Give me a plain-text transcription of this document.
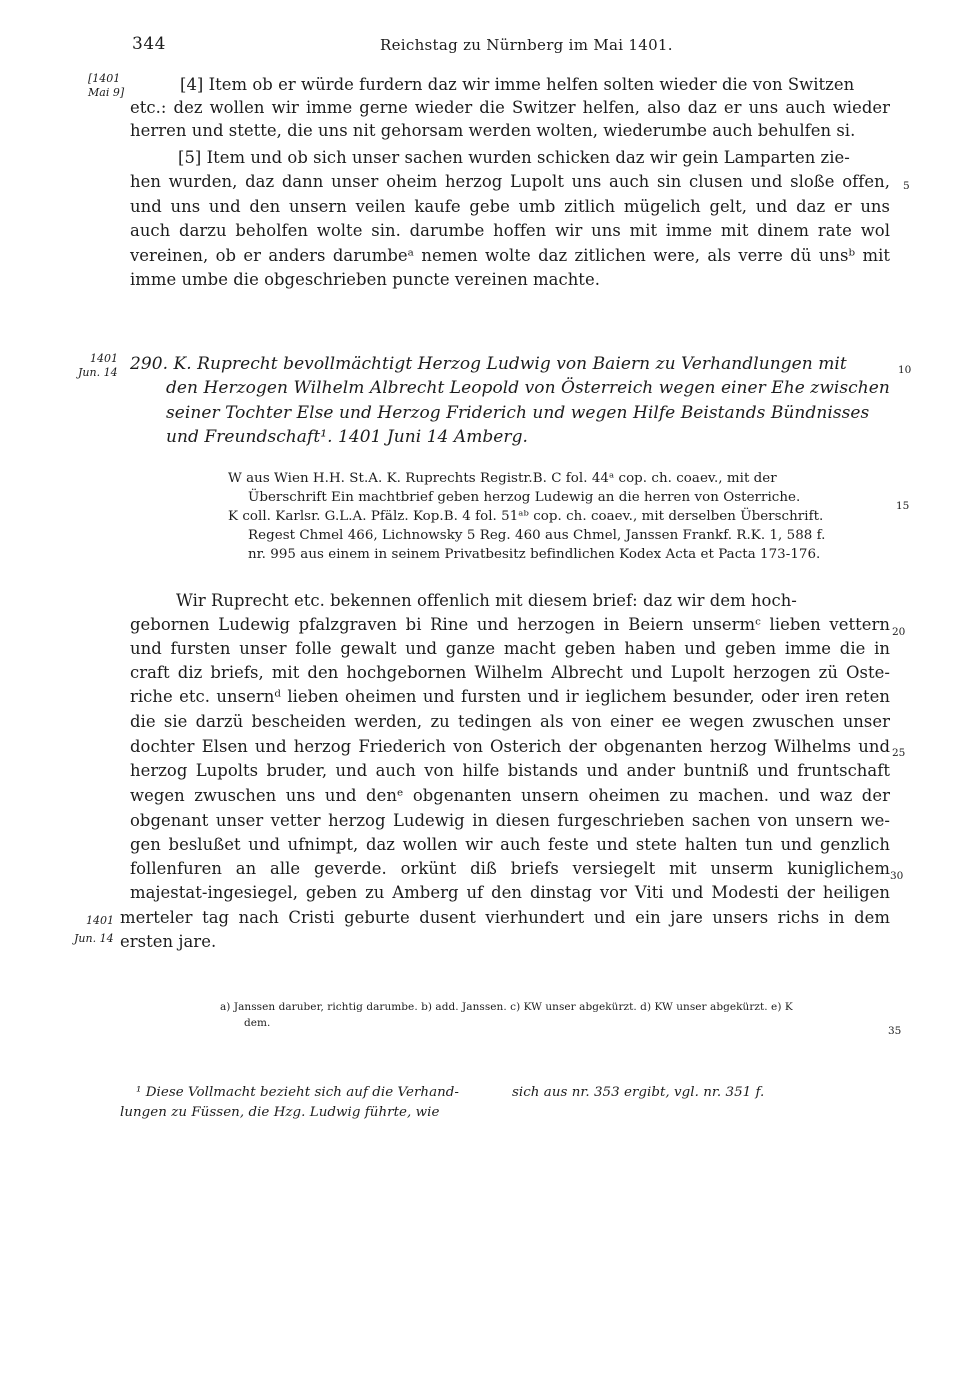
344	Reichstag zu Nürnberg im Mai 1401.
[1401
Mai 9]	[4] Item ob er würde furdern daz wir imme helfen solten wieder die von Switzen
etc.: dez wollen wir imme gerne wieder die Switzer helfen, also daz er uns auch wieder
herren und stette, die uns nit gehorsam werden wolten, wiederumbe auch behulfen si.
[5] Item und ob sich unser sachen wurden schicken daz wir gein Lamparten zie-
hen wurden, daz dann unser oheim herzog Lupolt uns auch sin clusen und sloße offen,
und uns und den unsern veilen kaufe gebe umb zitlich mügelich gelt, und daz er uns
auch darzu beholfen wolte sin. darumbe hoffen wir uns mit imme mit dinem rate wol
vereinen, ob er anders darumbeᵃ nemen wolte daz zitlichen were, als verre dü unsᵇ mit
imme umbe die obgeschrieben puncte vereinen machte.
1401
Jun. 14 290. K. Ruprecht bevollmächtigt Herzog Ludwig von Baiern zu Verhandlungen mit
den Herzogen Wilhelm Albrecht Leopold von Österreich wegen einer Ehe zwischen
seiner Tochter Else und Herzog Friderich und wegen Hilfe Beistands Bündnisses
und Freundschaft¹. 1401 Juni 14 Amberg.
W aus Wien H.H. St.A. K. Ruprechts Registr.B. C fol. 44ᵃ cop. ch. coaev., mit der
Überschrift Ein machtbrief geben herzog Ludewig an die herren von Osterriche.
K coll. Karlsr. G.L.A. Pfälz. Kop.B. 4 fol. 51ᵃᵇ cop. ch. coaev., mit derselben Überschrift.
Regest Chmel 466, Lichnowsky 5 Reg. 460 aus Chmel, Janssen Frankf. R.K. 1, 588 f.
nr. 995 aus einem in seinem Privatbesitz befindlichen Kodex Acta et Pacta 173-176.
Wir Ruprecht etc. bekennen offenlich mit diesem brief: daz wir dem hoch-
gebornen Ludewig pfalzgraven bi Rine und herzogen in Beiern unsermᶜ lieben vettern
und fursten unser folle gewalt und ganze macht geben haben und geben imme die in
craft diz briefs, mit den hochgebornen Wilhelm Albrecht und Lupolt herzogen zü Oste-
riche etc. unsernᵈ lieben oheimen und fursten und ir ieglichem besunder, oder iren reten
die sie darzü bescheiden werden, zu tedingen als von einer ee wegen zwuschen unser
dochter Elsen und herzog Friederich von Osterich der obgenanten herzog Wilhelms und
herzog Lupolts bruder, und auch von hilfe bistands und ander buntniß und fruntschaft
wegen zwuschen uns und denᵉ obgenanten unsern oheimen zu machen. und waz der
obgenant unser vetter herzog Ludewig in diesen furgeschrieben sachen von unsern we-
gen beslußet und ufnimpt, daz wollen wir auch feste und stete halten tun und genzlich
follenfuren an alle geverde. orkünt diß briefs versiegelt mit unserm kuniglichem
majestat-ingesiegel, geben zu Amberg uf den dinstag vor Viti und Modesti der heiligen
merteler tag nach Cristi geburte dusent vierhundert und ein jare unsers richs in dem
ersten jare.
1401
Jun. 14
5
10
15
20
25
30
35
a) Janssen daruber, richtig darumbe. b) add. Janssen. c) KW unser abgekürzt. d) KW unser abgekürzt. e) K
dem.
¹ Diese Vollmacht bezieht sich auf die Verhand-
lungen zu Füssen, die Hzg. Ludwig führte, wie
sich aus nr. 353 ergibt, vgl. nr. 351 f.
